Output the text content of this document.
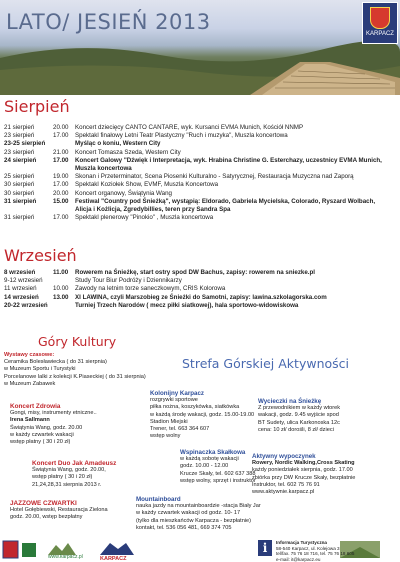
LATO/ JESIEŃ 2013	KARPACZ
Sierpień
21 sierpień	20.00 Koncert dziecięcy CANTO CANTARE, wyk. Kursanci EVMA Munich, Kościół NNMP
23 sierpień	17.00 Spektakl finałowy Letni Teatr Plastyczny "Ruch i muzyka", Muszla koncertowa
23-25 sierpień	Myśląc o koniu, Western City
23 sierpień	21.00 Koncert Tomasza Szeda, Western City
24 sierpień	17.00 Koncert Galowy "Dźwięk i Interpretacja, wyk. Hrabina Christine G. Esterchazy, uczestnicy EVMA Munich,
Muszla koncertowa
25 sierpień	19.00 Skonan i Przeterminator, Scena Piosenki Kulturalno - Satyrycznej, Restauracja Muzyczna nad Zaporą
30 sierpień	17.00 Spektakl Koziołek Show, EVMF, Muszla Koncertowa
30 sierpień	20.00 Koncert organowy, Świątynia Wang
31 sierpień	15.00 Festiwal "Country pod Śnieżką", wystąpią: Eldorado, Gabriela Mycielska, Colorado, Ryszard Wolbach,
Alicja i Kożlicja, Zgredybillies, teren przy Sandra Spa
31 sierpień	17.00 Spektakl plenerowy "Pinokio" , Muszla koncertowa
Wrzesień
8 wrzesień	11.00 Rowerem na Śnieżkę, start ostry spod DW Bachus, zapisy: rowerem na sniezke.pl
9-12 wrzesień	Study Tour Biur Podróży i Dziennikarzy
11 wrzesień	10.00 Zawody na letnim torze saneczkowym, CRIS Kolorowa
14 wrzesień 13.00 XI LAWINA, czyli Marszobieg ze Śnieżki do Samotni, zapisy: lawina.szkolagorska.com
20-22 wrzesień	Turniej Trzech Narodów ( mecz piłki siatkowej), hala sportowo-widowiskowa
Góry Kultury
Strefa Górskiej Aktywności
Wystawy czasowe:
Ceramika Bolesławiecka ( do 31 sierpnia)
w Muzeum Sportu i Turystyki
Porcelanowe lalki z kolekcji K.Piaseckiej ( do 31 sierpnia)
w Muzeum Zabawek
Koncert Zdrowia
Gongi, misy, instrumenty etniczne..
Irena Sallmann
Świątynia Wang, godz. 20.00
w każdy czwartek wakacji
wstęp płatny ( 30 i 20 zł)
Koncert Duo Jak Amadeusz
Świątynia Wang, godz. 20.00,
wstęp płatny ( 30 i 20 zł)
21,24,28,31 sierpnia 2013 r.
JAZZOWE CZWARTKI
Hotel Gołębiewski, Restauracja Zielona
godz. 20.00, wstęp bezpłatny
Kolonijny Karpacz
rozgrywki sportowe
piłka nożna, koszykówka, siatkówka
w każdą środę wakacji, godz. 15.00-19.00
Stadion Miejski
Trener, tel. 663 364 607
wstęp wolny
Wspinaczka Skałkowa
w każdą sobotę wakacji
godz. 10.00 - 12.00
Krucze Skały, tel. 602 637 388
wstęp wolny, sprzęt i instruktor
Mountainboard
nauka jazdy na mountainboardzie -stacja Biały Jar
w każdy czwartek wakacji od godz. 10- 17
(tylko dla mieszkańców Karpacza - bezpłatnie)
kontakt, tel. 536 056 481, 669 374 705
Wycieczki na Śnieżkę
Z przewodnikiem w każdy wtorek
wakacji, godz. 9.45 wyjście spod
BT Sudety, ulica Karkonoska 12c
cena: 10 zł/ dorośli, 8 zł/ dzieci
Aktywny wypoczynek
Rowery, Nordic Walking,Cross Skating
każdy poniedziałek sierpnia, godz. 17.00
zbiórka przy DW Krucze Skały, bezpłatnie
Instruktor, tel. 602 75 76 91
www.aktywnie.karpacz.pl
www.karpacz.pl	KARPACZ
i	Informacja Turystyczna
58-540 Karpacz, ul. Kolejowa 3
tel/fax. 75 76 18 716, tel. 75 76 18 605
e-mail: it@karpacz.eu
